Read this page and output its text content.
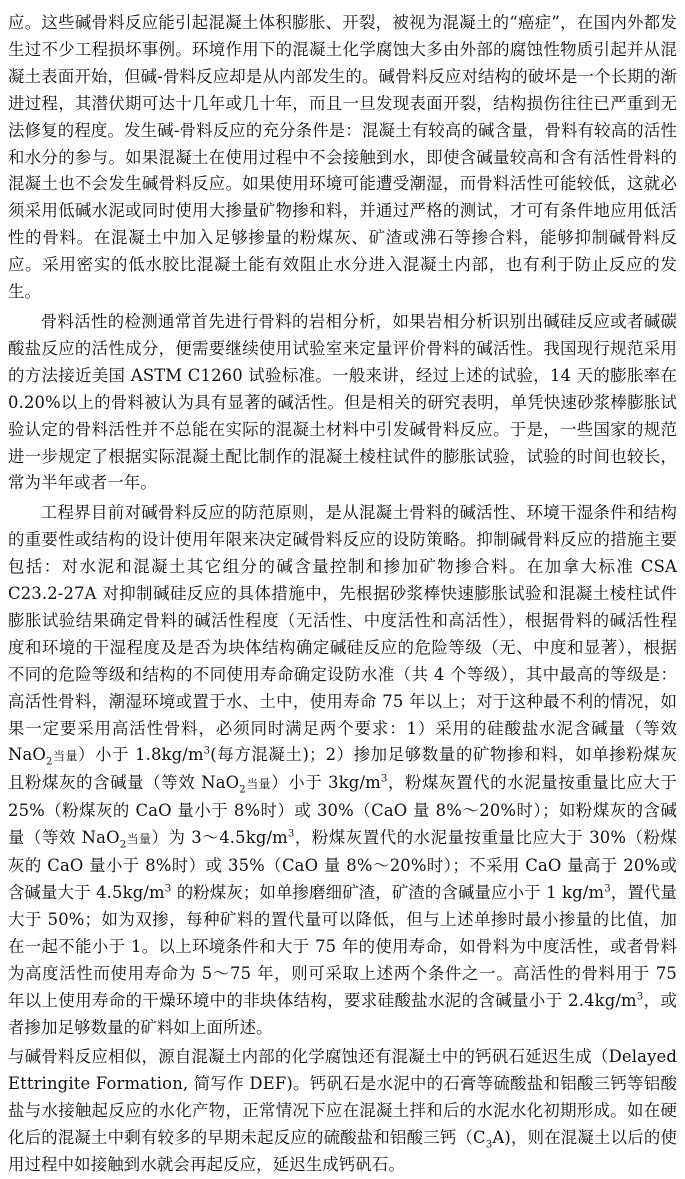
应。这些碱骨料反应能引起混凝土体积膨胀、开裂，被视为混凝土的“癌症”，在国内外都发生过不少工程损坏事例。环境作用下的混凝土化学腐蚀大多由外部的腐蚀性物质引起并从混凝土表面开始，但碱-骨料反应却是从内部发生的。碱骨料反应对结构的破坏是一个长期的渐进过程，其潜伏期可达十几年或几十年，而且一旦发现表面开裂，结构损伤往往已严重到无法修复的程度。发生碱-骨料反应的充分条件是：混凝土有较高的碱含量，骨料有较高的活性和水分的参与。如果混凝土在使用过程中不会接触到水，即使含碱量较高和含有活性骨料的混凝土也不会发生碱骨料反应。如果使用环境可能遭受潮湿，而骨料活性可能较低，这就必须采用低碱水泥或同时使用大掺量矿物掺和料，并通过严格的测试，才可有条件地应用低活性的骨料。在混凝土中加入足够掺量的粉煤灰、矿渣或沸石等掺合料，能够抑制碱骨料反应。采用密实的低水胶比混凝土能有效阻止水分进入混凝土内部，也有利于防止反应的发生。

骨料活性的检测通常首先进行骨料的岩相分析，如果岩相分析识别出碱硅反应或者碱碳酸盐反应的活性成分，便需要继续使用试验室来定量评价骨料的碱活性。我国现行规范采用的方法接近美国 ASTM C1260 试验标准。一般来讲，经过上述的试验，14 天的膨胀率在 0.20%以上的骨料被认为具有显著的碱活性。但是相关的研究表明，单凭快速砂浆棒膨胀试验认定的骨料活性并不总能在实际的混凝土材料中引发碱骨料反应。于是，一些国家的规范进一步规定了根据实际混凝土配比制作的混凝土棱柱试件的膨胀试验，试验的时间也较长，常为半年或者一年。

工程界目前对碱骨料反应的防范原则，是从混凝土骨料的碱活性、环境干湿条件和结构的重要性或结构的设计使用年限来决定碱骨料反应的设防策略。抑制碱骨料反应的措施主要包括：对水泥和混凝土其它组分的碱含量控制和掺加矿物掺合料。在加拿大标准 CSA C23.2-27A 对抑制碱硅反应的具体措施中，先根据砂浆棒快速膨胀试验和混凝土棱柱试件膨胀试验结果确定骨料的碱活性程度（无活性、中度活性和高活性），根据骨料的碱活性程度和环境的干湿程度及是否为块体结构确定碱硅反应的危险等级（无、中度和显著），根据不同的危险等级和结构的不同使用寿命确定设防水准（共 4 个等级），其中最高的等级是：高活性骨料，潮湿环境或置于水、土中，使用寿命 75 年以上；对于这种最不利的情况，如果一定要采用高活性骨料，必须同时满足两个要求：1）采用的硅酸盐水泥含碱量（等效 NaO$_2$当量）小于 $1.8kg/m^3$(每方混凝土)；2）掺加足够数量的矿物掺和料，如单掺粉煤灰且粉煤灰的含碱量（等效 NaO$_2$当量）小于 $3kg/m^3$，粉煤灰置代的水泥量按重量比应大于 25%（粉煤灰的 CaO 量小于 8%时）或 30%（CaO 量 8%～20%时）；如粉煤灰的含碱量（等效 NaO$_2$当量）为 $3\sim 4.5kg/m^3$，粉煤灰置代的水泥量按重量比应大于 30%（粉煤灰的 CaO 量小于 8%时）或 35%（CaO 量 8%～20%时）；不采用 CaO 量高于 20%或含碱量大于 $4.5kg/m^3$ 的粉煤灰；如单掺磨细矿渣，矿渣的含碱量应小于 1 $kg/m^3$，置代量大于 50%；如为双掺，每种矿料的置代量可以降低，但与上述单掺时最小掺量的比值，加在一起不能小于 1。以上环境条件和大于 75 年的使用寿命，如骨料为中度活性，或者骨料为高度活性而使用寿命为 5～75 年，则可采取上述两个条件之一。高活性的骨料用于 75 年以上使用寿命的干燥环境中的非块体结构，要求硅酸盐水泥的含碱量小于 $2.4kg/m^3$，或者掺加足够数量的矿料如上面所述。

与碱骨料反应相似，源自混凝土内部的化学腐蚀还有混凝土中的钙矾石延迟生成（Delayed Ettringite Formation, 简写作 DEF)。钙矾石是水泥中的石膏等硫酸盐和铝酸三钙等铝酸盐与水接触起反应的水化产物，正常情况下应在混凝土拌和后的水泥水化初期形成。如在硬化后的混凝土中剩有较多的早期未起反应的硫酸盐和铝酸三钙$(C_3A)$，则在混凝土以后的使用过程中如接触到水就会再起反应，延迟生成钙矾石。
